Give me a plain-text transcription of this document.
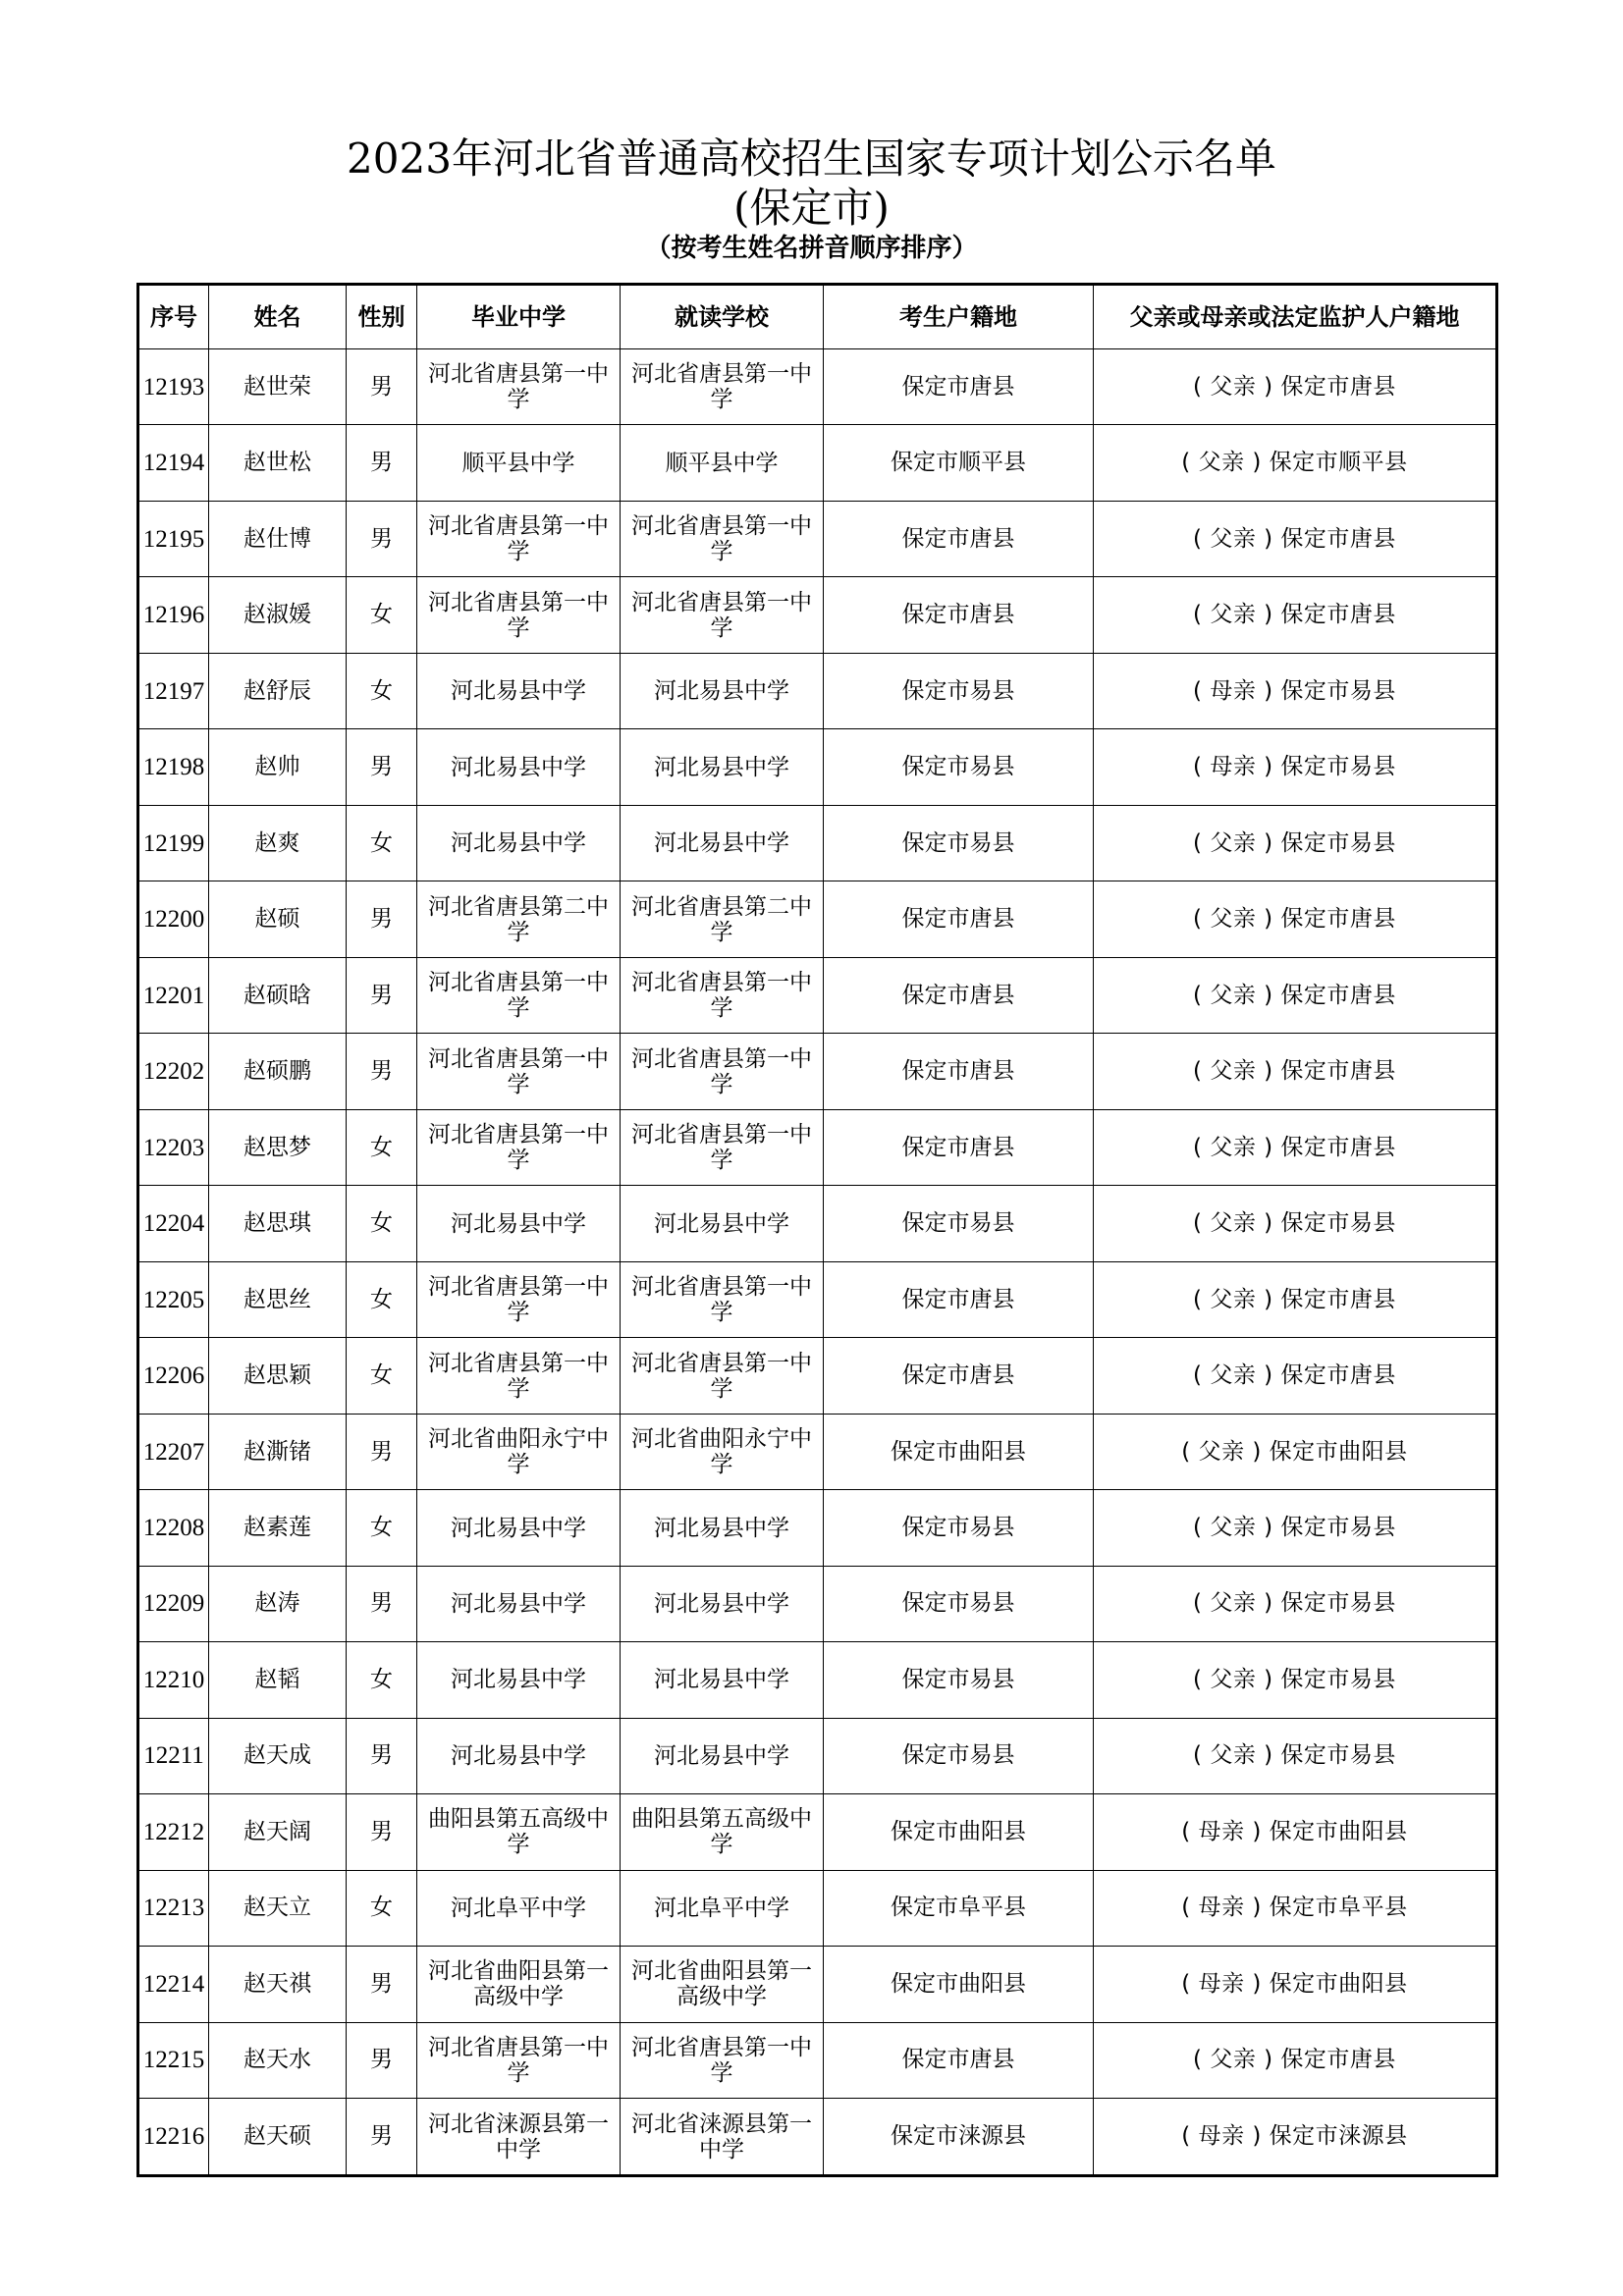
2023年河北省普通高校招生国家专项计划公示名单
(保定市)
（按考生姓名拼音顺序排序）
序号	姓名	性别	毕业中学	就读学校	考生户籍地	父亲或母亲或法定监护人户籍地
12193	赵世荣	男	河北省唐县第一中学	河北省唐县第一中学	保定市唐县	( 父亲 ) 保定市唐县
12194	赵世松	男	顺平县中学	顺平县中学	保定市顺平县	( 父亲 ) 保定市顺平县
12195	赵仕博	男	河北省唐县第一中学	河北省唐县第一中学	保定市唐县	( 父亲 ) 保定市唐县
12196	赵淑媛	女	河北省唐县第一中学	河北省唐县第一中学	保定市唐县	( 父亲 ) 保定市唐县
12197	赵舒辰	女	河北易县中学	河北易县中学	保定市易县	( 母亲 ) 保定市易县
12198	赵帅	男	河北易县中学	河北易县中学	保定市易县	( 母亲 ) 保定市易县
12199	赵爽	女	河北易县中学	河北易县中学	保定市易县	( 父亲 ) 保定市易县
12200	赵硕	男	河北省唐县第二中学	河北省唐县第二中学	保定市唐县	( 父亲 ) 保定市唐县
12201	赵硕晗	男	河北省唐县第一中学	河北省唐县第一中学	保定市唐县	( 父亲 ) 保定市唐县
12202	赵硕鹏	男	河北省唐县第一中学	河北省唐县第一中学	保定市唐县	( 父亲 ) 保定市唐县
12203	赵思梦	女	河北省唐县第一中学	河北省唐县第一中学	保定市唐县	( 父亲 ) 保定市唐县
12204	赵思琪	女	河北易县中学	河北易县中学	保定市易县	( 父亲 ) 保定市易县
12205	赵思丝	女	河北省唐县第一中学	河北省唐县第一中学	保定市唐县	( 父亲 ) 保定市唐县
12206	赵思颖	女	河北省唐县第一中学	河北省唐县第一中学	保定市唐县	( 父亲 ) 保定市唐县
12207	赵澌锗	男	河北省曲阳永宁中学	河北省曲阳永宁中学	保定市曲阳县	( 父亲 ) 保定市曲阳县
12208	赵素莲	女	河北易县中学	河北易县中学	保定市易县	( 父亲 ) 保定市易县
12209	赵涛	男	河北易县中学	河北易县中学	保定市易县	( 父亲 ) 保定市易县
12210	赵韬	女	河北易县中学	河北易县中学	保定市易县	( 父亲 ) 保定市易县
12211	赵天成	男	河北易县中学	河北易县中学	保定市易县	( 父亲 ) 保定市易县
12212	赵天阔	男	曲阳县第五高级中学	曲阳县第五高级中学	保定市曲阳县	( 母亲 ) 保定市曲阳县
12213	赵天立	女	河北阜平中学	河北阜平中学	保定市阜平县	( 母亲 ) 保定市阜平县
12214	赵天祺	男	河北省曲阳县第一高级中学	河北省曲阳县第一高级中学	保定市曲阳县	( 母亲 ) 保定市曲阳县
12215	赵天水	男	河北省唐县第一中学	河北省唐县第一中学	保定市唐县	( 父亲 ) 保定市唐县
12216	赵天硕	男	河北省涞源县第一中学	河北省涞源县第一中学	保定市涞源县	( 母亲 ) 保定市涞源县
